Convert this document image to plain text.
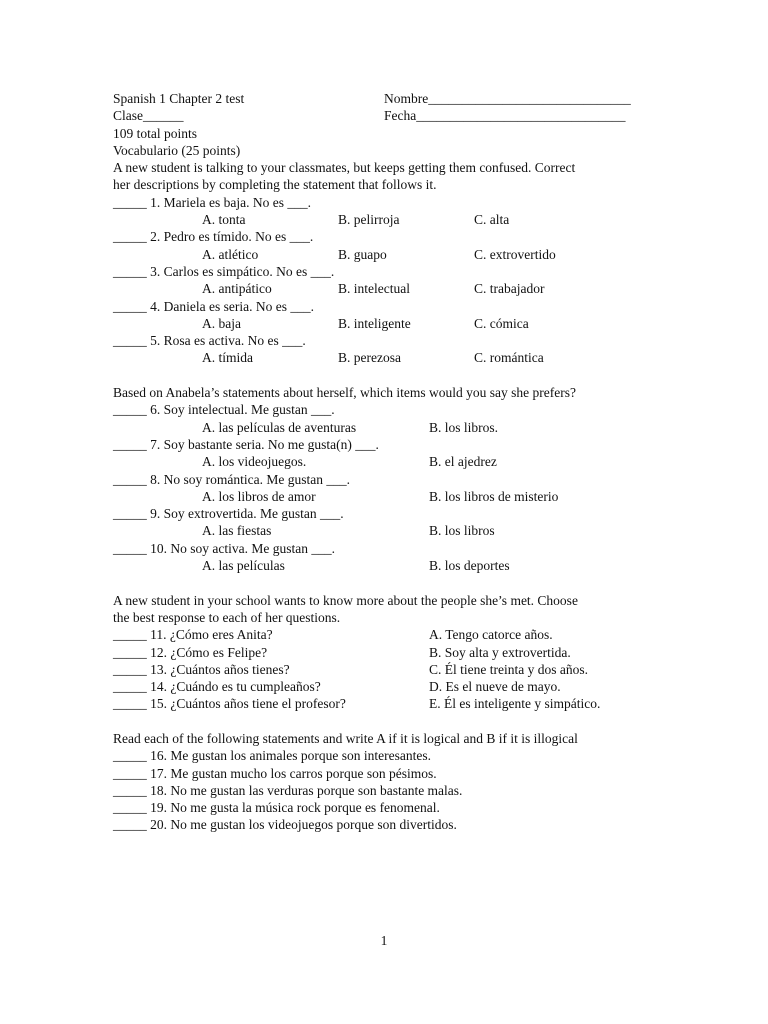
Spanish 1 Chapter 2 test	Nombre______________________________
Clase______	Fecha_______________________________
109 total points
Vocabulario (25 points)
A new student is talking to your classmates, but keeps getting them confused. Correct
her descriptions by completing the statement that follows it.
_____ 1. Mariela es baja. No es ___.
A. tonta	B. pelirroja	C. alta
_____ 2. Pedro es tímido. No es ___.
A. atlético	B. guapo	C. extrovertido
_____ 3. Carlos es simpático. No es ___.
A. antipático	B. intelectual	C. trabajador
_____ 4. Daniela es seria. No es ___.
A. baja	B. inteligente	C. cómica
_____ 5. Rosa es activa. No es ___.
A. tímida	B. perezosa	C. romántica
Based on Anabela’s statements about herself, which items would you say she prefers?
_____ 6. Soy intelectual. Me gustan ___.
A. las películas de aventuras	B. los libros.
_____ 7. Soy bastante seria. No me gusta(n) ___.
A. los videojuegos.	B. el ajedrez
_____ 8. No soy romántica. Me gustan ___.
A. los libros de amor	B. los libros de misterio
_____ 9. Soy extrovertida. Me gustan ___.
A. las fiestas	B. los libros
_____ 10. No soy activa. Me gustan ___.
A. las películas	B. los deportes
A new student in your school wants to know more about the people she’s met. Choose
the best response to each of her questions.
_____ 11. ¿Cómo eres Anita?	A. Tengo catorce años.
_____ 12. ¿Cómo es Felipe?	B. Soy alta y extrovertida.
_____ 13. ¿Cuántos años tienes?	C. Él tiene treinta y dos años.
_____ 14. ¿Cuándo es tu cumpleaños?	D. Es el nueve de mayo.
_____ 15. ¿Cuántos años tiene el profesor?	E. Él es inteligente y simpático.
Read each of the following statements and write A if it is logical and B if it is illogical
_____ 16. Me gustan los animales porque son interesantes.
_____ 17. Me gustan mucho los carros porque son pésimos.
_____ 18. No me gustan las verduras porque son bastante malas.
_____ 19. No me gusta la música rock porque es fenomenal.
_____ 20. No me gustan los videojuegos porque son divertidos.
1
